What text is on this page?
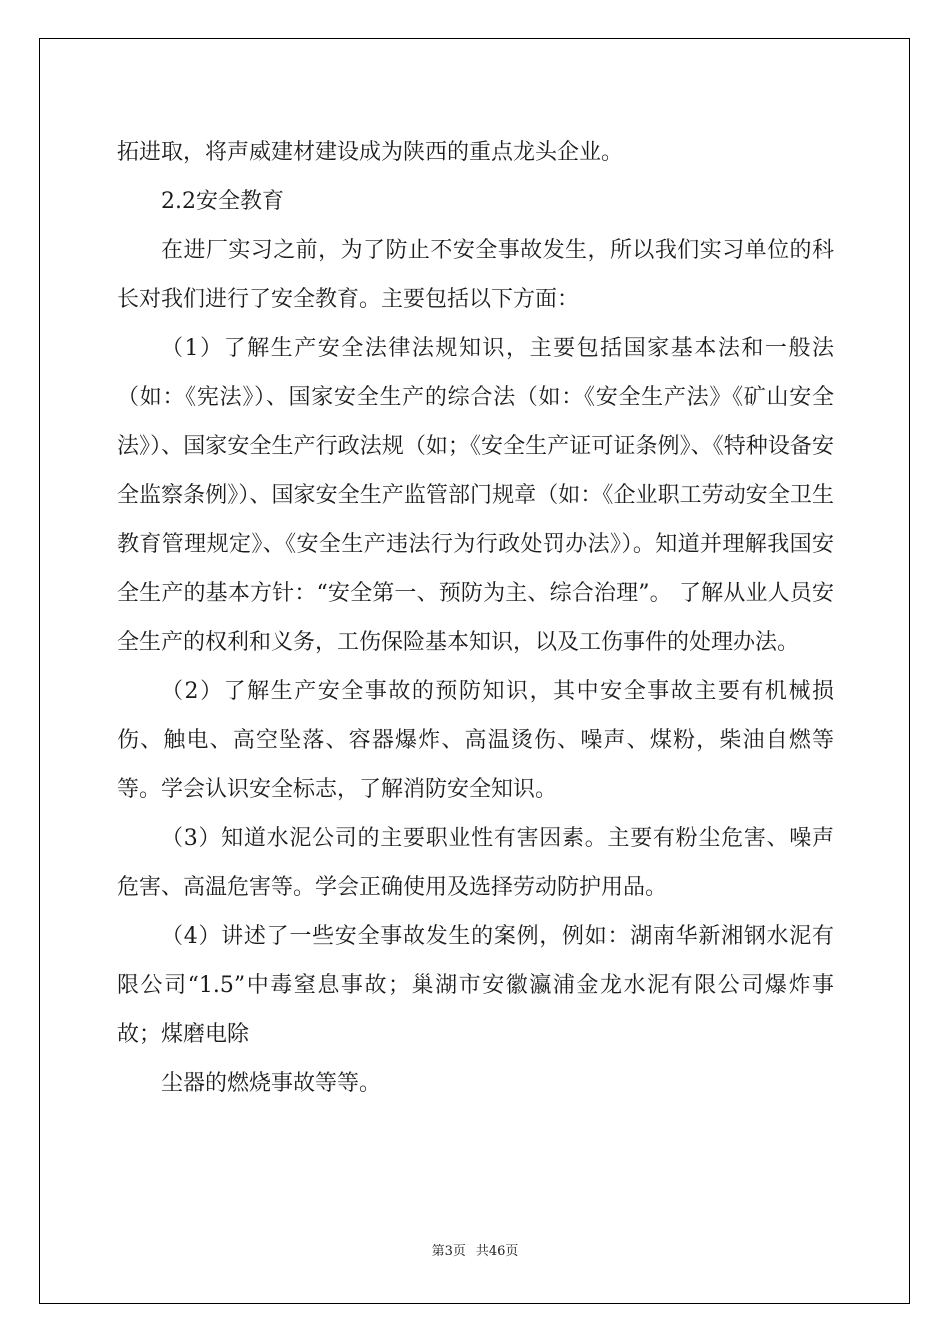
拓进取，将声威建材建设成为陕西的重点龙头企业。

2.2安全教育

在进厂实习之前，为了防止不安全事故发生，所以我们实习单位的科长对我们进行了安全教育。主要包括以下方面：

（1）了解生产安全法律法规知识，主要包括国家基本法和一般法（如：《宪法》）、国家安全生产的综合法（如：《安全生产法》《矿山安全法》）、国家安全生产行政法规（如；《安全生产证可证条例》、《特种设备安全监察条例》）、国家安全生产监管部门规章（如：《企业职工劳动安全卫生教育管理规定》、《安全生产违法行为行政处罚办法》）。知道并理解我国安全生产的基本方针：“安全第一、预防为主、综合治理”。 了解从业人员安全生产的权利和义务，工伤保险基本知识，以及工伤事件的处理办法。

（2）了解生产安全事故的预防知识，其中安全事故主要有机械损伤、触电、高空坠落、容器爆炸、高温烫伤、噪声、煤粉，柴油自燃等等。学会认识安全标志，了解消防安全知识。

（3）知道水泥公司的主要职业性有害因素。主要有粉尘危害、噪声危害、高温危害等。学会正确使用及选择劳动防护用品。

（4）讲述了一些安全事故发生的案例，例如：湖南华新湘钢水泥有限公司“1.5”中毒窒息事故；巢湖市安徽瀛浦金龙水泥有限公司爆炸事故；煤磨电除

尘器的燃烧事故等等。

第3页 共46页
